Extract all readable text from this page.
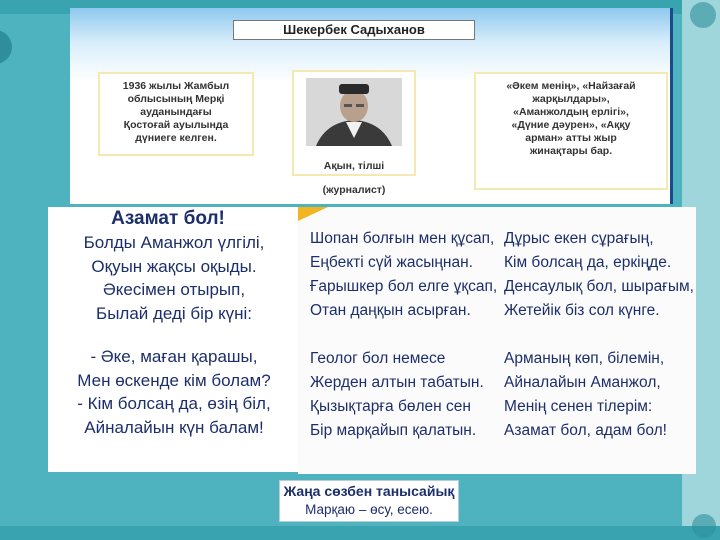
Шекербек Садыханов
1936 жылы Жамбыл
облысының Мерқі
ауданындағы
Қостоғай ауылында
дүниеге келген.

Ақын, тілші

(журналист)

«Әкем менің», «Найзағай
жарқылдары»,
«Аманжолдың ерлігі»,
«Дүние дәурен», «Аққу
арман» атты жыр
жинақтары бар.
Азамат бол!
Болды Аманжол үлгілі,
Оқуын жақсы оқыды.
Әкесімен отырып,
Былай деді бір күні:
- Әке, маған қарашы,
Мен өскенде кім болам?
- Кім болсаң да, өзің біл,
Айналайын күн балам!
Шопан болғын мен құсап,
Еңбекті сүй жасыңнан.
Ғарышкер бол елге ұқсап,
Отан даңқын асырған.
Геолог бол немесе
Жерден алтын табатын.
Қызықтарға бөлен сен
Бір марқайып қалатын.
Дұрыс екен сұрағың,
Кім болсаң да, еркіңде.
Денсаулық бол, шырағым,
Жетейік біз сол күнге.
Арманың көп, білемін,
Айналайын Аманжол,
Менің сенен тілерім:
Азамат бол, адам бол!
Жаңа сөзбен танысайық
Марқаю – өсу, есею.
